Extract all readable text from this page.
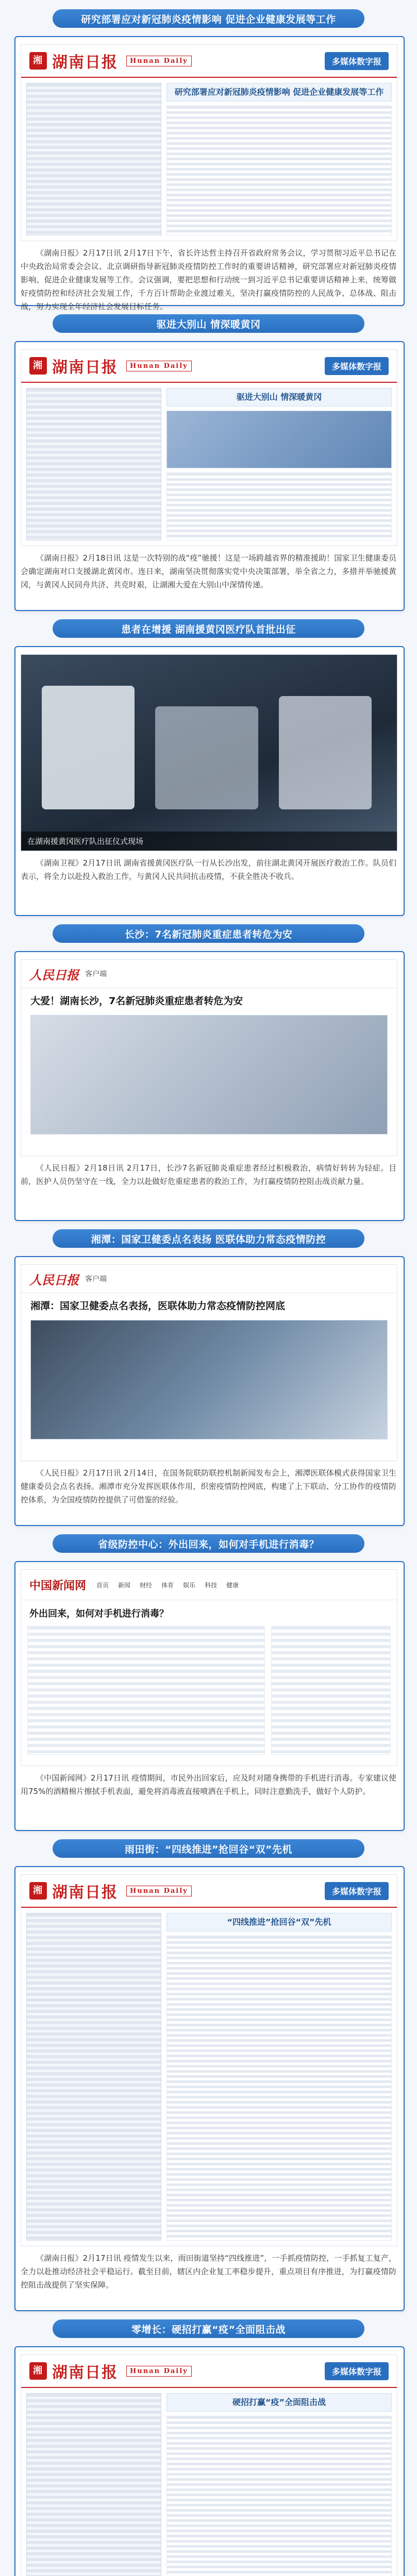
研究部署应对新冠肺炎疫情影响 促进企业健康发展等工作
湘 湖南日报	Hunan Daily	多媒体数字报
研究部署应对新冠肺炎疫情影响 促进企业健康发展等工作
《湖南日报》2月17日讯 2月17日下午，省长许达哲主持召开省政府常务会议，学习贯彻习近平总书记在中央政治局常委会会议、北京调研指导新冠肺炎疫情防控工作时的重要讲话精神，研究部署应对新冠肺炎疫情影响、促进企业健康发展等工作。会议强调，要把思想和行动统一到习近平总书记重要讲话精神上来，统筹做好疫情防控和经济社会发展工作，千方百计帮助企业渡过难关，坚决打赢疫情防控的人民战争、总体战、阻击战，努力实现全年经济社会发展目标任务。
驱进大别山 情深暖黄冈
湘 湖南日报	Hunan Daily	多媒体数字报
驱进大别山 情深暖黄冈
《湖南日报》2月18日讯 这是一次特别的战“疫”驰援！这是一场跨越省界的精准援助！国家卫生健康委员会确定湖南对口支援湖北黄冈市。连日来，湖南坚决贯彻落实党中央决策部署，举全省之力，多措并举驰援黄冈，与黄冈人民同舟共济、共克时艰，让湖湘大爱在大别山中深情传递。
患者在增援 湖南援黄冈医疗队首批出征
在湖南援黄冈医疗队出征仪式现场
《湖南卫视》2月17日讯 湖南省援黄冈医疗队一行从长沙出发，前往湖北黄冈开展医疗救治工作。队员们表示，将全力以赴投入救治工作，与黄冈人民共同抗击疫情，不获全胜决不收兵。
长沙：7名新冠肺炎重症患者转危为安
人民日报 客户端
大爱！湖南长沙，7名新冠肺炎重症患者转危为安
《人民日报》2月18日讯 2月17日，长沙7名新冠肺炎重症患者经过积极救治，病情好转转为轻症。目前，医护人员仍坚守在一线，全力以赴做好危重症患者的救治工作，为打赢疫情防控阻击战贡献力量。
湘潭：国家卫健委点名表扬 医联体助力常态疫情防控
人民日报 客户端
湘潭：国家卫健委点名表扬，医联体助力常态疫情防控网底
《人民日报》2月17日讯 2月14日，在国务院联防联控机制新闻发布会上，湘潭医联体模式获得国家卫生健康委员会点名表扬。湘潭市充分发挥医联体作用，织密疫情防控网底，构建了上下联动、分工协作的疫情防控体系，为全国疫情防控提供了可借鉴的经验。
省级防控中心：外出回来，如何对手机进行消毒？
中国新闻网	首页	新闻	财经	体育	娱乐	科技	健康
外出回来，如何对手机进行消毒？
《中国新闻网》2月17日讯 疫情期间，市民外出回家后，应及时对随身携带的手机进行消毒。专家建议使用75%的酒精棉片擦拭手机表面，避免将消毒液直接喷洒在手机上，同时注意勤洗手，做好个人防护。
雨田街：“四线推进”抢回谷“双”先机
湘 湖南日报	Hunan Daily	多媒体数字报
“四线推进”抢回谷“双”先机
《湖南日报》2月17日讯 疫情发生以来，雨田街道坚持“四线推进”，一手抓疫情防控，一手抓复工复产，全力以赴推动经济社会平稳运行。截至目前，辖区内企业复工率稳步提升，重点项目有序推进，为打赢疫情防控阻击战提供了坚实保障。
零增长：硬招打赢“疫”全面阻击战
湘 湖南日报	Hunan Daily	多媒体数字报
硬招打赢“疫”全面阻击战
